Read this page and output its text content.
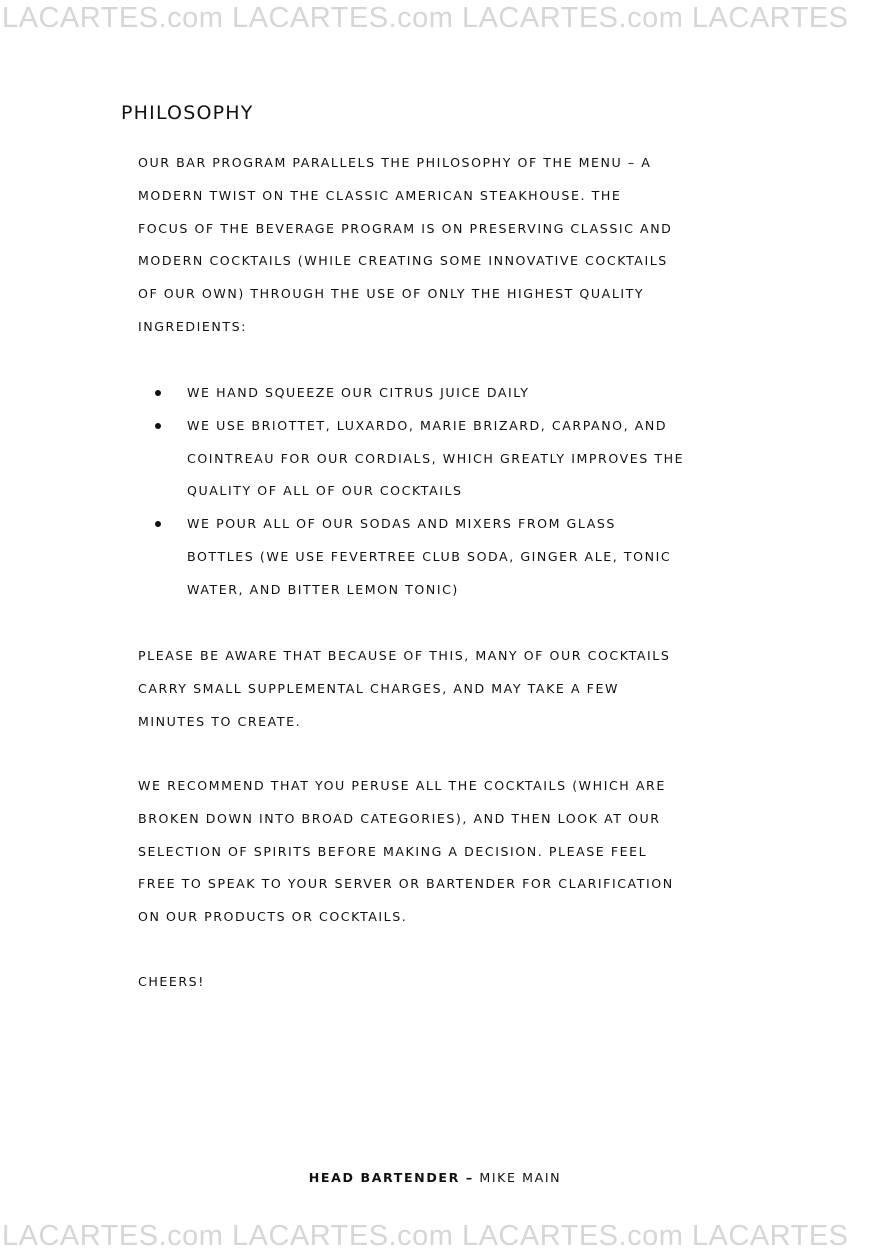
LACARTES.com LACARTES.com LACARTES.com LACARTES
PHILOSOPHY
OUR BAR PROGRAM PARALLELS THE PHILOSOPHY OF THE MENU – A
MODERN TWIST ON THE CLASSIC AMERICAN STEAKHOUSE. THE
FOCUS OF THE BEVERAGE PROGRAM IS ON PRESERVING CLASSIC AND
MODERN COCKTAILS (WHILE CREATING SOME INNOVATIVE COCKTAILS
OF OUR OWN) THROUGH THE USE OF ONLY THE HIGHEST QUALITY
INGREDIENTS:
WE HAND SQUEEZE OUR CITRUS JUICE DAILY
WE USE BRIOTTET, LUXARDO, MARIE BRIZARD, CARPANO, AND
COINTREAU FOR OUR CORDIALS, WHICH GREATLY IMPROVES THE
QUALITY OF ALL OF OUR COCKTAILS
WE POUR ALL OF OUR SODAS AND MIXERS FROM GLASS
BOTTLES (WE USE FEVERTREE CLUB SODA, GINGER ALE, TONIC
WATER, AND BITTER LEMON TONIC)
PLEASE BE AWARE THAT BECAUSE OF THIS, MANY OF OUR COCKTAILS
CARRY SMALL SUPPLEMENTAL CHARGES, AND MAY TAKE A FEW
MINUTES TO CREATE.
WE RECOMMEND THAT YOU PERUSE ALL THE COCKTAILS (WHICH ARE
BROKEN DOWN INTO BROAD CATEGORIES), AND THEN LOOK AT OUR
SELECTION OF SPIRITS BEFORE MAKING A DECISION. PLEASE FEEL
FREE TO SPEAK TO YOUR SERVER OR BARTENDER FOR CLARIFICATION
ON OUR PRODUCTS OR COCKTAILS.
CHEERS!
HEAD BARTENDER – MIKE MAIN
LACARTES.com LACARTES.com LACARTES.com LACARTES
